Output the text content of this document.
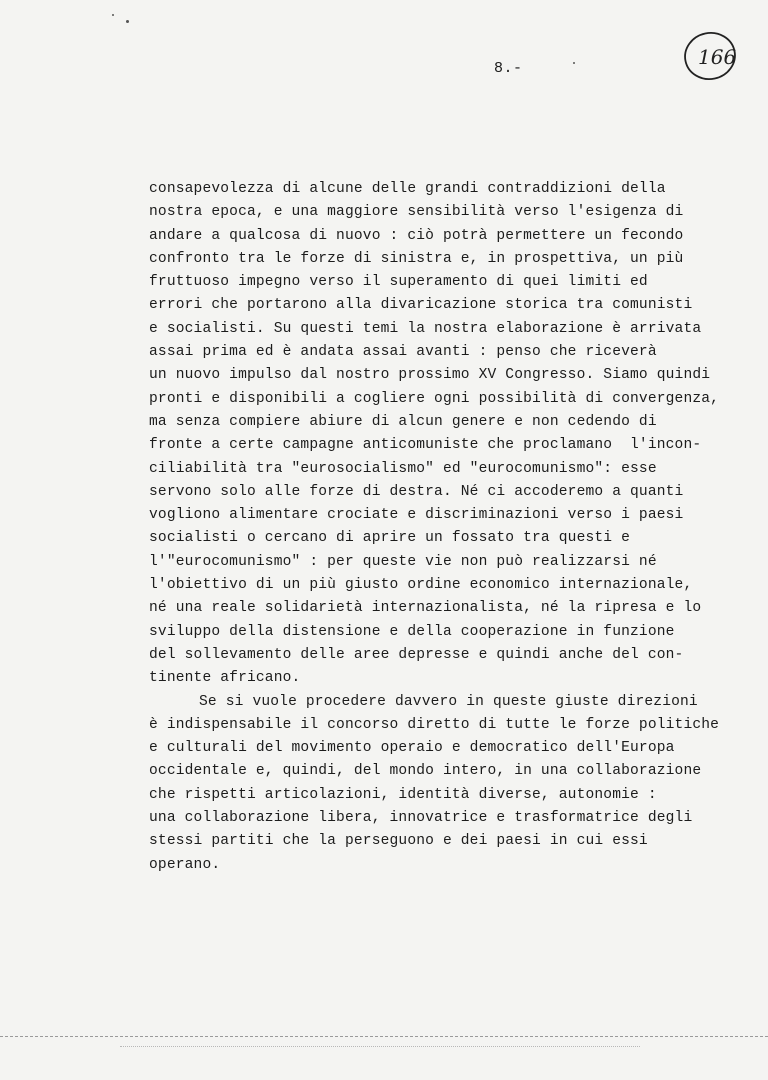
8.-	166
consapevolezza di alcune delle grandi contraddizioni della
nostra epoca, e una maggiore sensibilità verso l'esigenza di
andare a qualcosa di nuovo : ciò potrà permettere un fecondo
confronto tra le forze di sinistra e, in prospettiva, un più
fruttuoso impegno verso il superamento di quei limiti ed
errori che portarono alla divaricazione storica tra comunisti
e socialisti. Su questi temi la nostra elaborazione è arrivata
assai prima ed è andata assai avanti : penso che riceverà
un nuovo impulso dal nostro prossimo XV Congresso. Siamo quindi
pronti e disponibili a cogliere ogni possibilità di convergenza,
ma senza compiere abiure di alcun genere e non cedendo di
fronte a certe campagne anticomuniste che proclamano  l'incon-
ciliabilità tra "eurosocialismo" ed "eurocomunismo": esse
servono solo alle forze di destra. Né ci accoderemo a quanti
vogliono alimentare crociate e discriminazioni verso i paesi
socialisti o cercano di aprire un fossato tra questi e
l'"eurocomunismo" : per queste vie non può realizzarsi né
l'obiettivo di un più giusto ordine economico internazionale,
né una reale solidarietà internazionalista, né la ripresa e lo
sviluppo della distensione e della cooperazione in funzione
del sollevamento delle aree depresse e quindi anche del con-
tinente africano.
Se si vuole procedere davvero in queste giuste direzioni
è indispensabile il concorso diretto di tutte le forze politiche
e culturali del movimento operaio e democratico dell'Europa
occidentale e, quindi, del mondo intero, in una collaborazione
che rispetti articolazioni, identità diverse, autonomie :
una collaborazione libera, innovatrice e trasformatrice degli
stessi partiti che la perseguono e dei paesi in cui essi
operano.
